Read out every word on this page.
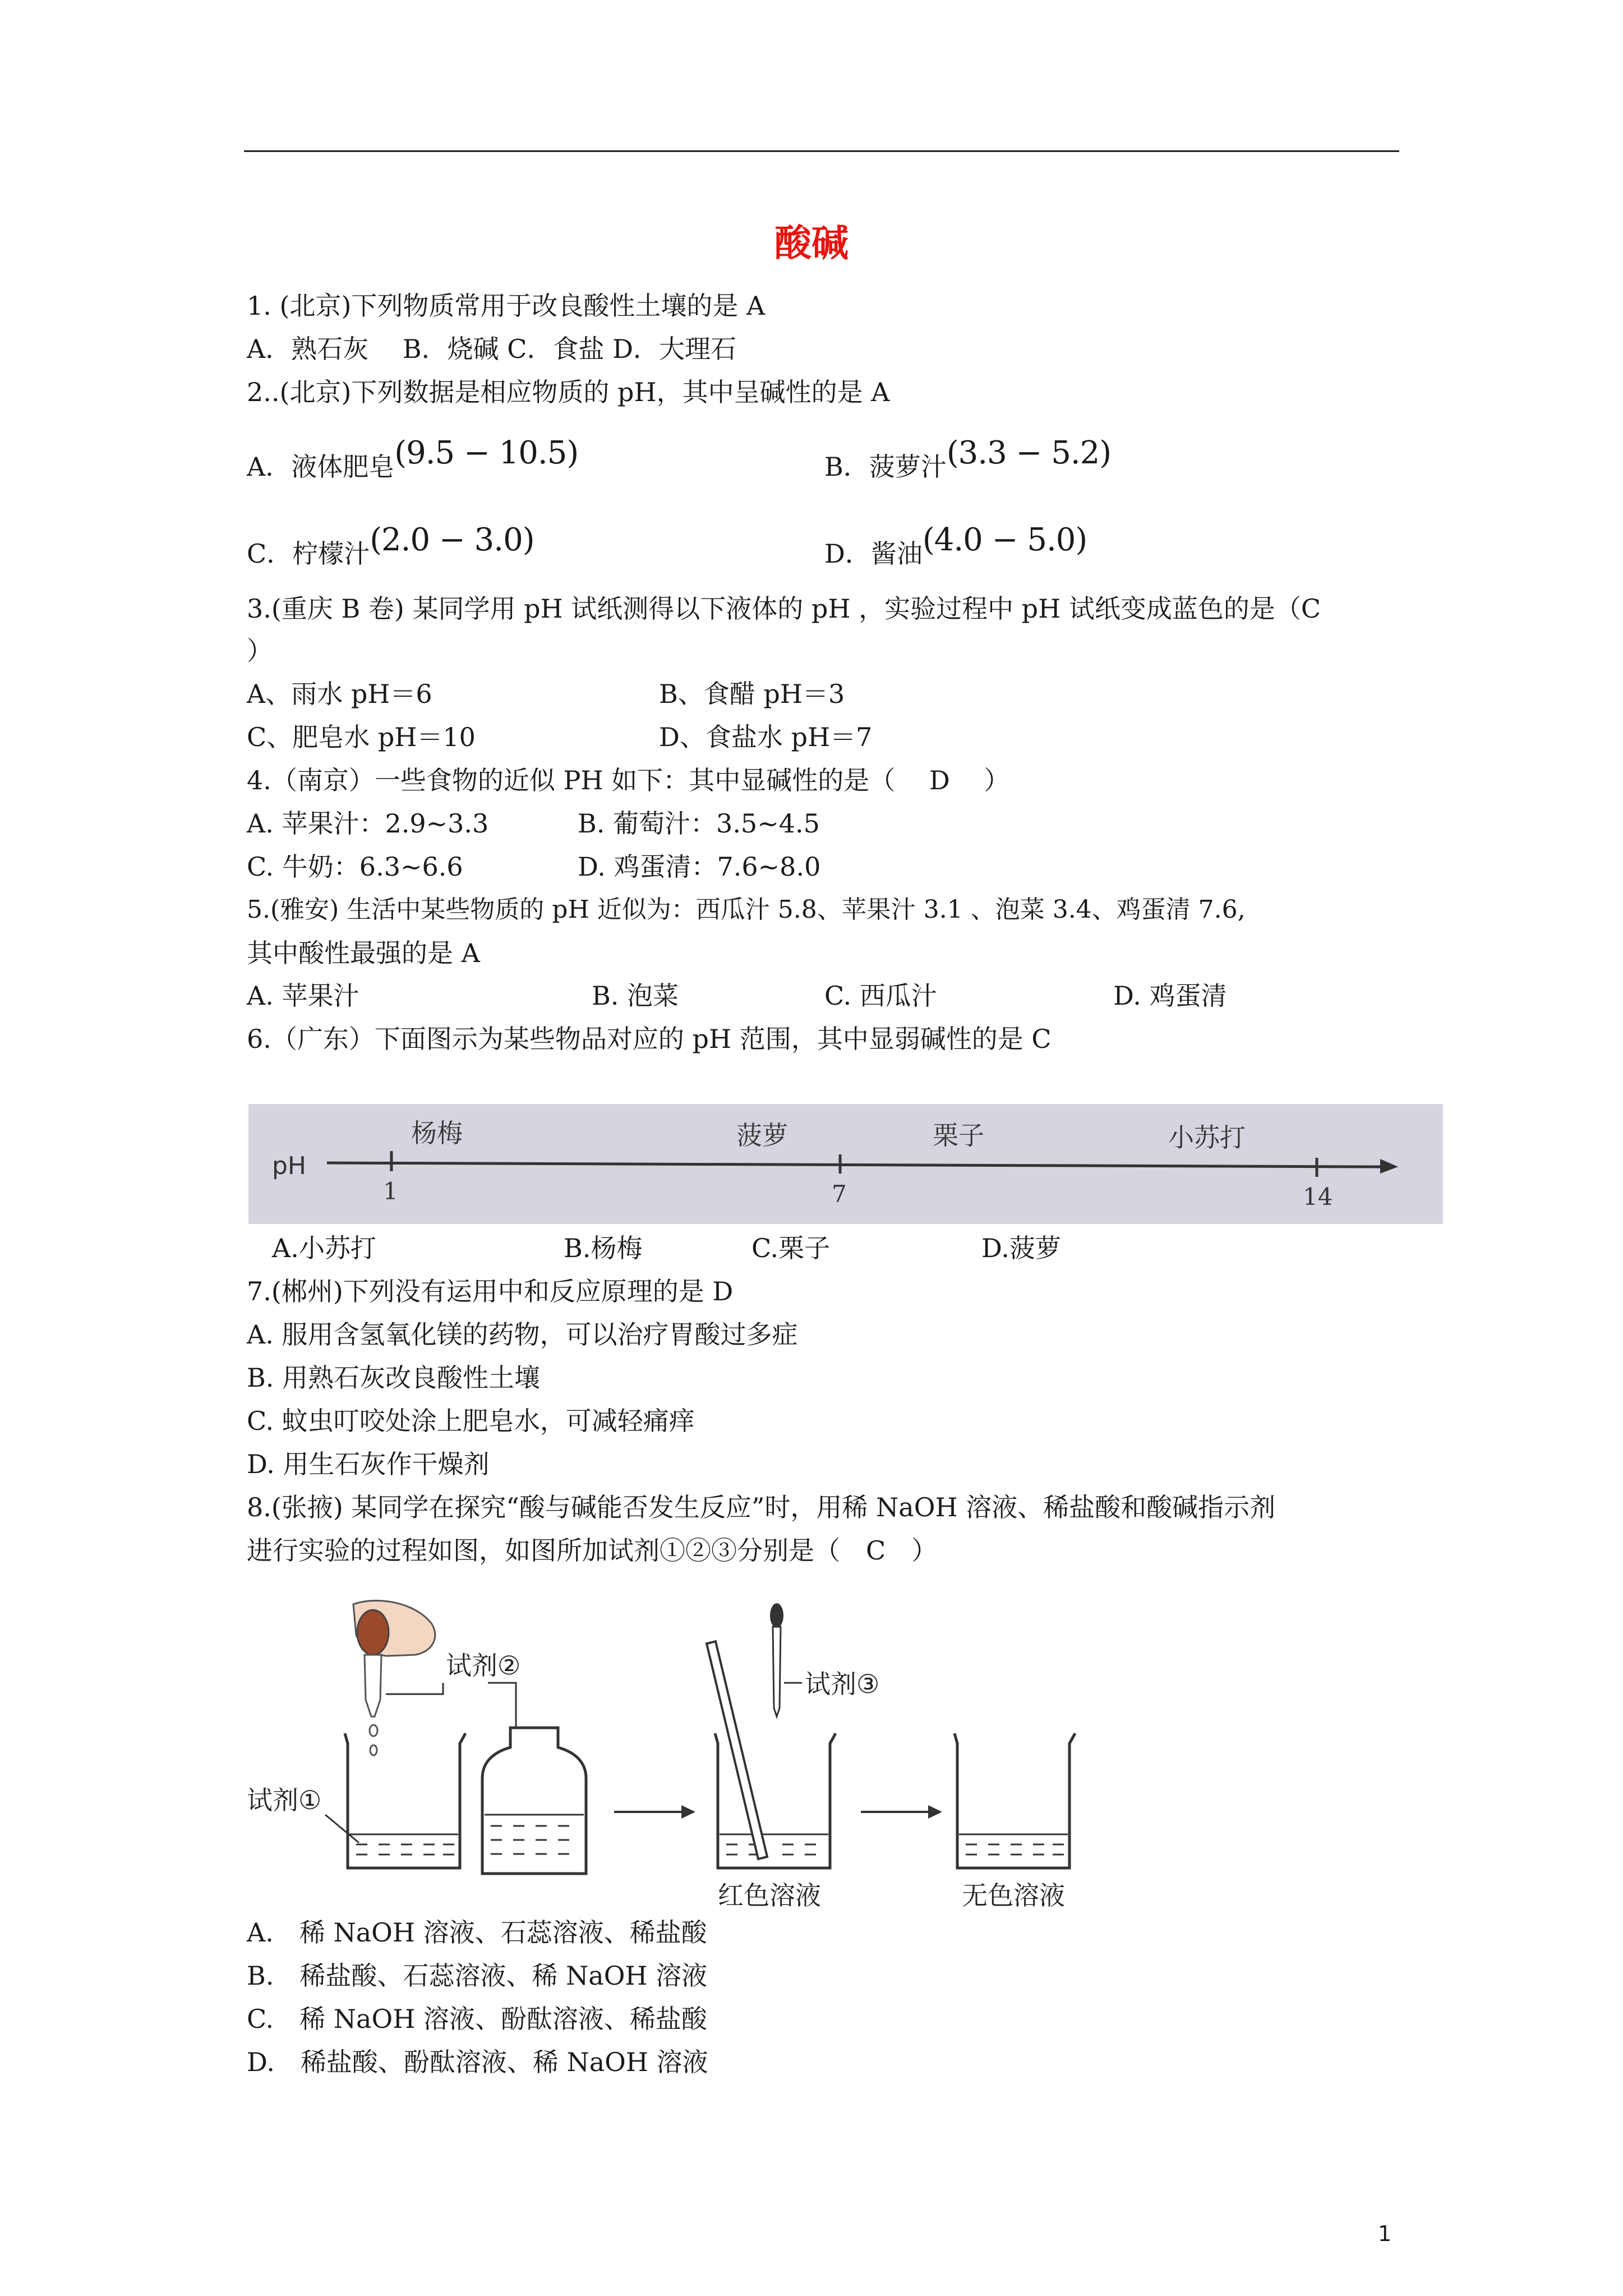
酸碱
1. (北京)下列物质常用于改良酸性土壤的是 A
A．熟石灰　 B．烧碱 C．食盐 D．大理石
2..(北京)下列数据是相应物质的 pH，其中呈碱性的是 A
A．液体肥皂(9.5 − 10.5)	B．菠萝汁(3.3 − 5.2)
C．柠檬汁(2.0 − 3.0)	D．酱油(4.0 − 5.0)
3.(重庆 B 卷) 某同学用 pH 试纸测得以下液体的 pH ，实验过程中 pH 试纸变成蓝色的是（C
）
A、雨水 pH＝6	B、食醋 pH＝3
C、肥皂水 pH＝10	D、食盐水 pH＝7
4.（南京）一些食物的近似 PH 如下：其中显碱性的是（　 D　 ）
A. 苹果汁：2.9~3.3	B. 葡萄汁：3.5~4.5
C. 牛奶：6.3~6.6	D. 鸡蛋清：7.6~8.0
5.(雅安) 生活中某些物质的 pH 近似为：西瓜汁 5.8、苹果汁 3.1 、泡菜 3.4、鸡蛋清 7.6,
其中酸性最强的是 A
A. 苹果汁	B. 泡菜	C. 西瓜汁	D. 鸡蛋清
6.（广东）下面图示为某些物品对应的 pH 范围，其中显弱碱性的是 C
pH
1	7	14
杨梅	菠萝	栗子	小苏打
A.小苏打	B.杨梅	C.栗子	D.菠萝
7.(郴州)下列没有运用中和反应原理的是 D
A. 服用含氢氧化镁的药物，可以治疗胃酸过多症
B. 用熟石灰改良酸性土壤
C. 蚊虫叮咬处涂上肥皂水，可减轻痛痒
D. 用生石灰作干燥剂
8.(张掖) 某同学在探究“酸与碱能否发生反应”时，用稀 NaOH 溶液、稀盐酸和酸碱指示剂
进行实验的过程如图，如图所加试剂①②③分别是（　C　）
试剂①
试剂②
试剂③
红色溶液	无色溶液
A.　稀 NaOH 溶液、石蕊溶液、稀盐酸
B.　稀盐酸、石蕊溶液、稀 NaOH 溶液
C.　稀 NaOH 溶液、酚酞溶液、稀盐酸
D.　稀盐酸、酚酞溶液、稀 NaOH 溶液
1
